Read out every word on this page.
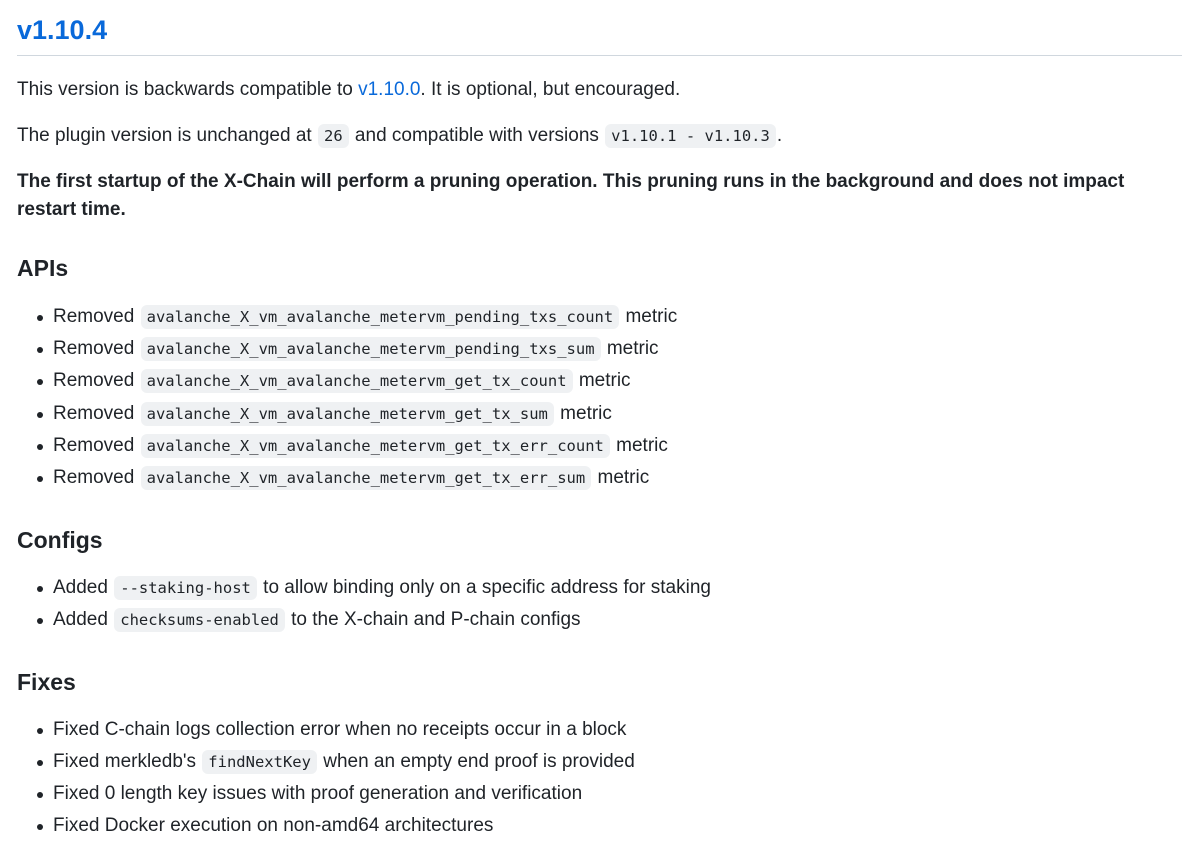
v1.10.4

This version is backwards compatible to v1.10.0. It is optional, but encouraged.

The plugin version is unchanged at 26 and compatible with versions v1.10.1 - v1.10.3 .

The first startup of the X-Chain will perform a pruning operation. This pruning runs in the background and does not impact restart time.

APIs
Removed avalanche_X_vm_avalanche_metervm_pending_txs_count metric
Removed avalanche_X_vm_avalanche_metervm_pending_txs_sum metric
Removed avalanche_X_vm_avalanche_metervm_get_tx_count metric
Removed avalanche_X_vm_avalanche_metervm_get_tx_sum metric
Removed avalanche_X_vm_avalanche_metervm_get_tx_err_count metric
Removed avalanche_X_vm_avalanche_metervm_get_tx_err_sum metric
Configs
Added --staking-host to allow binding only on a specific address for staking
Added checksums-enabled to the X-chain and P-chain configs
Fixes
Fixed C-chain logs collection error when no receipts occur in a block
Fixed merkledb's findNextKey when an empty end proof is provided
Fixed 0 length key issues with proof generation and verification
Fixed Docker execution on non-amd64 architectures
